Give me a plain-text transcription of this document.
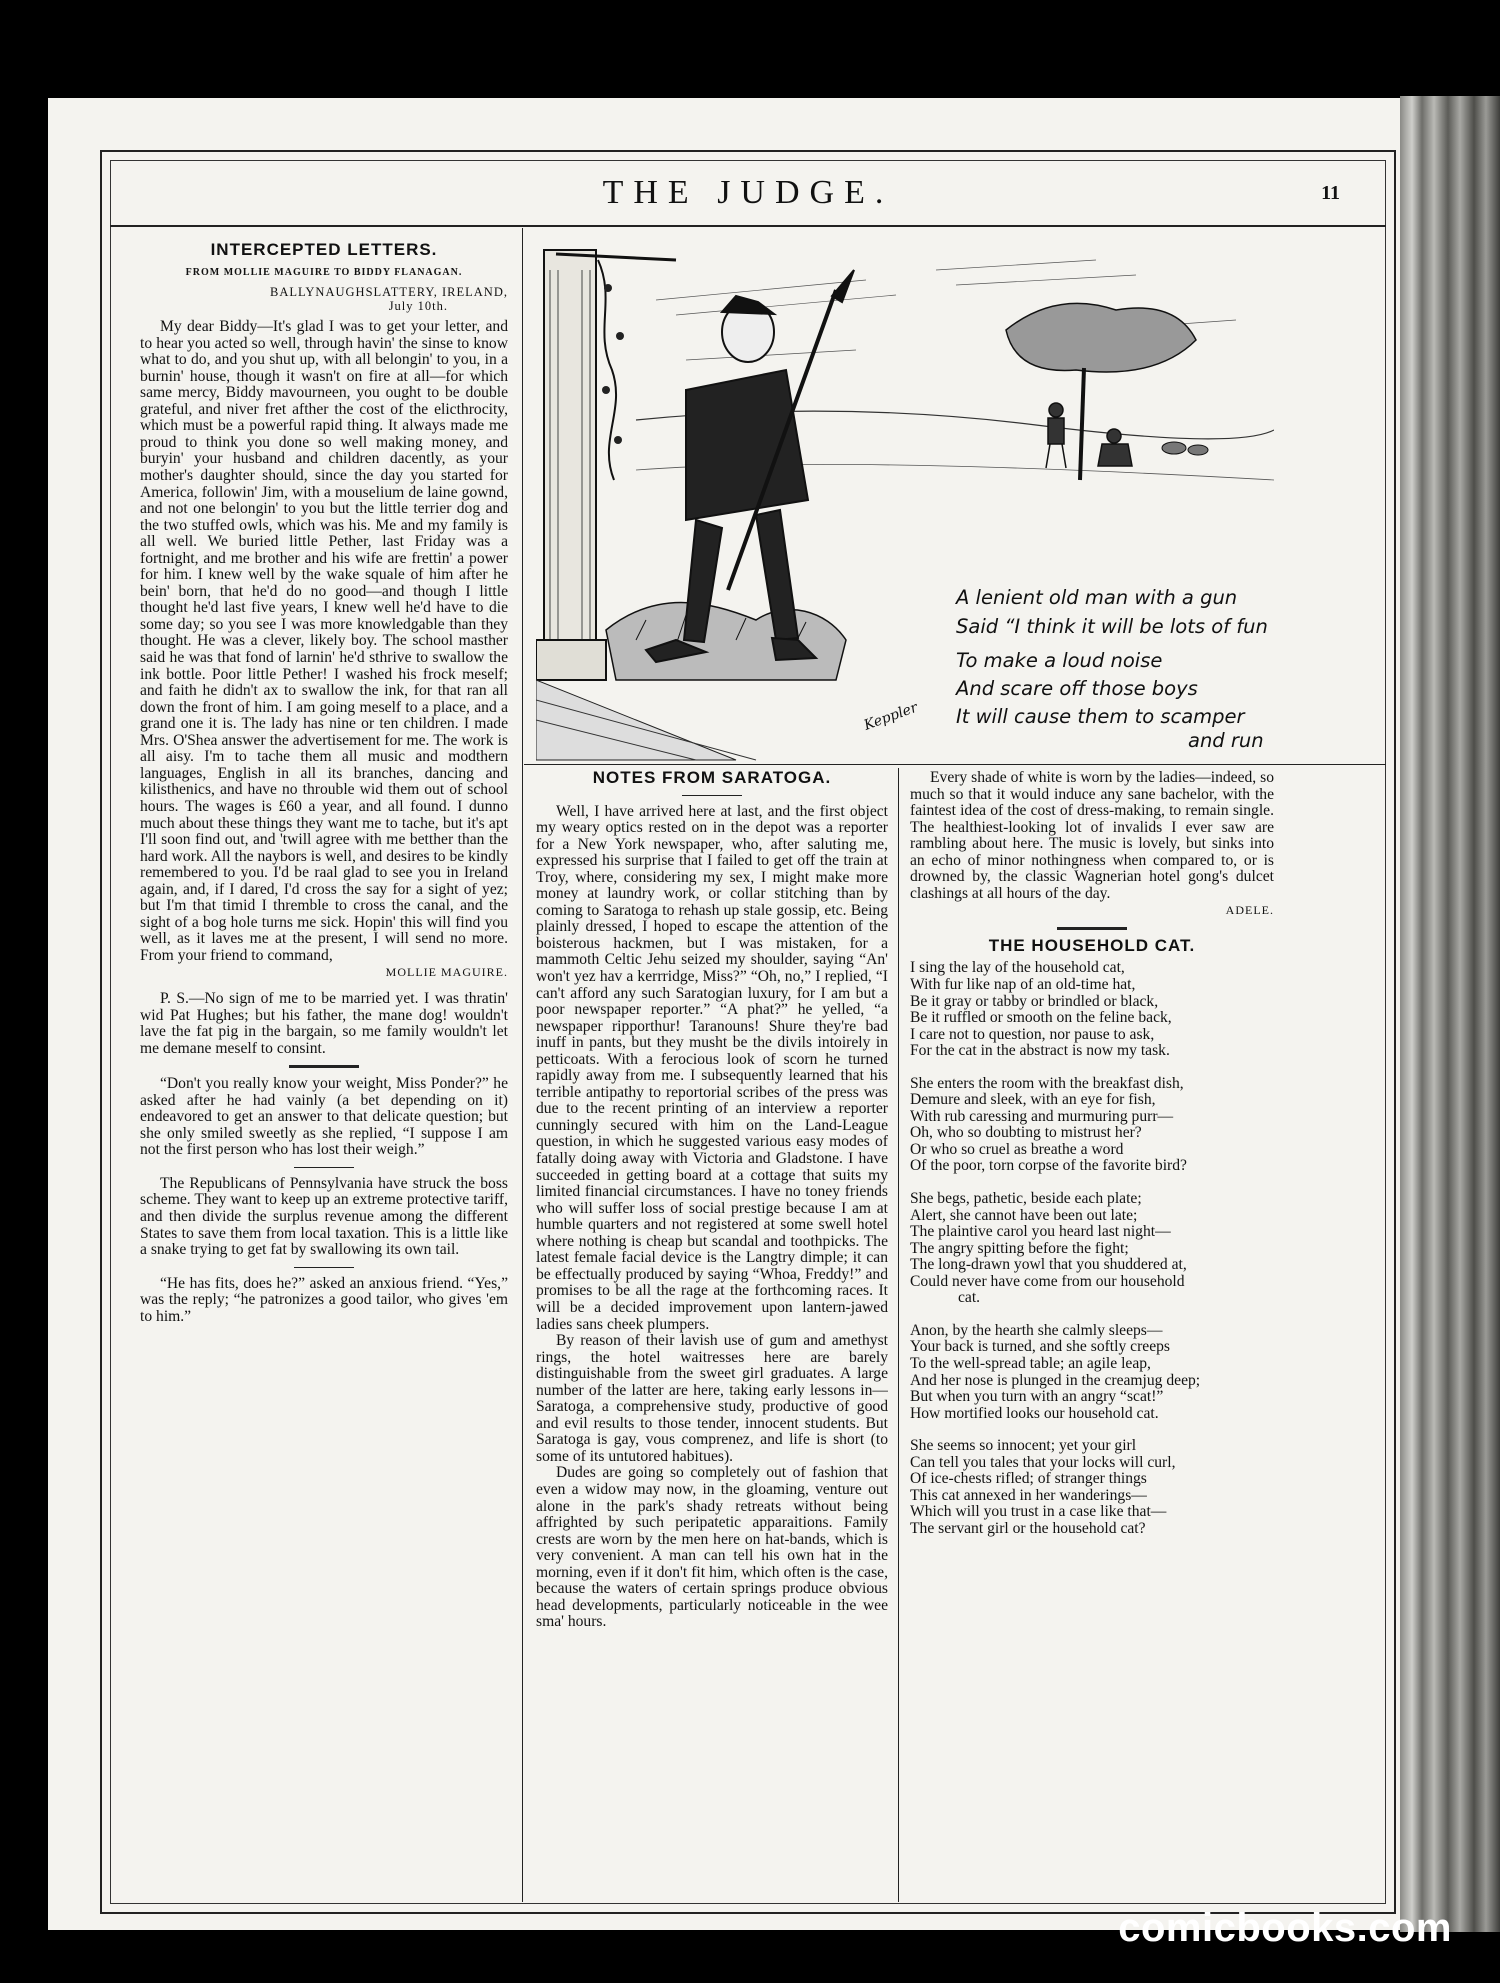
THE JUDGE.	11
INTERCEPTED LETTERS.
FROM MOLLIE MAGUIRE TO BIDDY FLANAGAN.

BALLYNAUGHSLATTERY, IRELAND,

July 10th.

My dear Biddy—It's glad I was to get your letter, and to hear you acted so well, through havin' the sinse to know what to do, and you shut up, with all belongin' to you, in a burnin' house, though it wasn't on fire at all—for which same mercy, Biddy mavourneen, you ought to be double grateful, and niver fret afther the cost of the elicthrocity, which must be a powerful rapid thing. It always made me proud to think you done so well making money, and buryin' your husband and children dacently, as your mother's daughter should, since the day you started for America, followin' Jim, with a mouselium de laine gownd, and not one belongin' to you but the little terrier dog and the two stuffed owls, which was his. Me and my family is all well. We buried little Pether, last Friday was a fortnight, and me brother and his wife are frettin' a power for him. I knew well by the wake squale of him after he bein' born, that he'd do no good—and though I little thought he'd last five years, I knew well he'd have to die some day; so you see I was more knowledgable than they thought. He was a clever, likely boy. The school masther said he was that fond of larnin' he'd sthrive to swallow the ink bottle. Poor little Pether! I washed his frock meself; and faith he didn't ax to swallow the ink, for that ran all down the front of him. I am going meself to a place, and a grand one it is. The lady has nine or ten children. I made Mrs. O'Shea answer the advertisement for me. The work is all aisy. I'm to tache them all music and modthern languages, English in all its branches, dancing and kilisthenics, and have no throuble wid them out of school hours. The wages is £60 a year, and all found. I dunno much about these things they want me to tache, but it's apt I'll soon find out, and 'twill agree with me betther than the hard work. All the naybors is well, and desires to be kindly remembered to you. I'd be raal glad to see you in Ireland again, and, if I dared, I'd cross the say for a sight of yez; but I'm that timid I thremble to cross the canal, and the sight of a bog hole turns me sick. Hopin' this will find you well, as it laves me at the present, I will send no more. From your friend to command,

MOLLIE MAGUIRE.

P. S.—No sign of me to be married yet. I was thratin' wid Pat Hughes; but his father, the mane dog! wouldn't lave the fat pig in the bargain, so me family wouldn't let me demane meself to consint.

“Don't you really know your weight, Miss Ponder?” he asked after he had vainly (a bet depending on it) endeavored to get an answer to that delicate question; but she only smiled sweetly as she replied, “I suppose I am not the first person who has lost their weigh.”

The Republicans of Pennsylvania have struck the boss scheme. They want to keep up an extreme protective tariff, and then divide the surplus revenue among the different States to save them from local taxation. This is a little like a snake trying to get fat by swallowing its own tail.

“He has fits, does he?” asked an anxious friend. “Yes,” was the reply; “he patronizes a good tailor, who gives 'em to him.”

Keppler
A lenient old man with a gun
Said “I think it will be lots of fun
To make a loud noise
And scare off those boys
It will cause them to scamper
and run
NOTES FROM SARATOGA.

Well, I have arrived here at last, and the first object my weary optics rested on in the depot was a reporter for a New York newspaper, who, after saluting me, expressed his surprise that I failed to get off the train at Troy, where, considering my sex, I might make more money at laundry work, or collar stitching than by coming to Saratoga to rehash up stale gossip, etc. Being plainly dressed, I hoped to escape the attention of the boisterous hackmen, but I was mistaken, for a mammoth Celtic Jehu seized my shoulder, saying “An' won't yez hav a kerrridge, Miss?” “Oh, no,” I replied, “I can't afford any such Saratogian luxury, for I am but a poor newspaper reporter.” “A phat?” he yelled, “a newspaper ripporthur! Taranouns! Shure they're bad inuff in pants, but they musht be the divils intoirely in petticoats. With a ferocious look of scorn he turned rapidly away from me. I subsequently learned that his terrible antipathy to reportorial scribes of the press was due to the recent printing of an interview a reporter cunningly secured with him on the Land-League question, in which he suggested various easy modes of fatally doing away with Victoria and Gladstone. I have succeeded in getting board at a cottage that suits my limited financial circumstances. I have no toney friends who will suffer loss of social prestige because I am at humble quarters and not registered at some swell hotel where nothing is cheap but scandal and toothpicks. The latest female facial device is the Langtry dimple; it can be effectually produced by saying “Whoa, Freddy!” and promises to be all the rage at the forthcoming races. It will be a decided improvement upon lantern-jawed ladies sans cheek plumpers.

By reason of their lavish use of gum and amethyst rings, the hotel waitresses here are barely distinguishable from the sweet girl graduates. A large number of the latter are here, taking early lessons in—Saratoga, a comprehensive study, productive of good and evil results to those tender, innocent students. But Saratoga is gay, vous comprenez, and life is short (to some of its untutored habitues).

Dudes are going so completely out of fashion that even a widow may now, in the gloaming, venture out alone in the park's shady retreats without being affrighted by such peripatetic apparaitions. Family crests are worn by the men here on hat-bands, which is very convenient. A man can tell his own hat in the morning, even if it don't fit him, which often is the case, because the waters of certain springs produce obvious head developments, particularly noticeable in the wee sma' hours.

Every shade of white is worn by the ladies—indeed, so much so that it would induce any sane bachelor, with the faintest idea of the cost of dress-making, to remain single. The healthiest-looking lot of invalids I ever saw are rambling about here. The music is lovely, but sinks into an echo of minor nothingness when compared to, or is drowned by, the classic Wagnerian hotel gong's dulcet clashings at all hours of the day.

ADELE.

THE HOUSEHOLD CAT.

I sing the lay of the household cat,

With fur like nap of an old-time hat,

Be it gray or tabby or brindled or black,

Be it ruffled or smooth on the feline back,

I care not to question, nor pause to ask,

For the cat in the abstract is now my task.

She enters the room with the breakfast dish,

Demure and sleek, with an eye for fish,

With rub caressing and murmuring purr—

Oh, who so doubting to mistrust her?

Or who so cruel as breathe a word

Of the poor, torn corpse of the favorite bird?

She begs, pathetic, beside each plate;

Alert, she cannot have been out late;

The plaintive carol you heard last night—

The angry spitting before the fight;

The long-drawn yowl that you shuddered at,

Could never have come from our household

cat.

Anon, by the hearth she calmly sleeps—

Your back is turned, and she softly creeps

To the well-spread table; an agile leap,

And her nose is plunged in the creamjug deep;

But when you turn with an angry “scat!”

How mortified looks our household cat.

She seems so innocent; yet your girl

Can tell you tales that your locks will curl,

Of ice-chests rifled; of stranger things

This cat annexed in her wanderings—

Which will you trust in a case like that—

The servant girl or the household cat?

comicbooks.com
